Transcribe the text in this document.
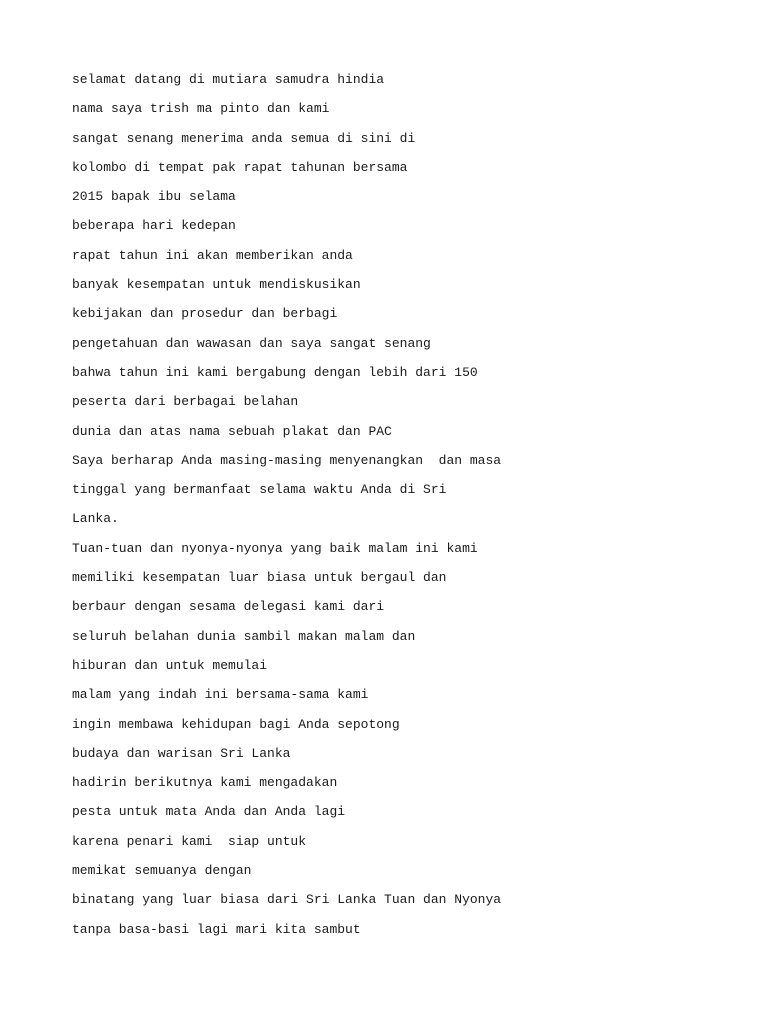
selamat datang di mutiara samudra hindia
nama saya trish ma pinto dan kami
sangat senang menerima anda semua di sini di
kolombo di tempat pak rapat tahunan bersama
2015 bapak ibu selama
beberapa hari kedepan
rapat tahun ini akan memberikan anda
banyak kesempatan untuk mendiskusikan
kebijakan dan prosedur dan berbagi
pengetahuan dan wawasan dan saya sangat senang
bahwa tahun ini kami bergabung dengan lebih dari 150
peserta dari berbagai belahan
dunia dan atas nama sebuah plakat dan PAC
Saya berharap Anda masing-masing menyenangkan  dan masa
tinggal yang bermanfaat selama waktu Anda di Sri
Lanka.
Tuan-tuan dan nyonya-nyonya yang baik malam ini kami
memiliki kesempatan luar biasa untuk bergaul dan
berbaur dengan sesama delegasi kami dari
seluruh belahan dunia sambil makan malam dan
hiburan dan untuk memulai
malam yang indah ini bersama-sama kami
ingin membawa kehidupan bagi Anda sepotong
budaya dan warisan Sri Lanka
hadirin berikutnya kami mengadakan
pesta untuk mata Anda dan Anda lagi
karena penari kami  siap untuk
memikat semuanya dengan
binatang yang luar biasa dari Sri Lanka Tuan dan Nyonya
tanpa basa-basi lagi mari kita sambut
